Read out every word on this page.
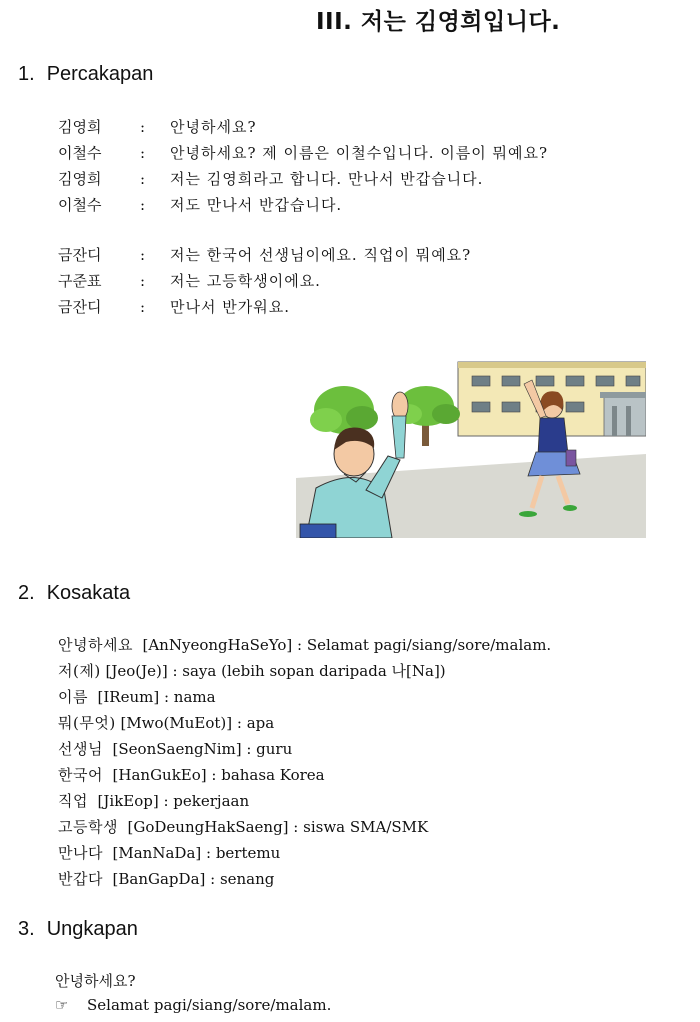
III. 저는 김영희입니다.
1. Percakapan
김영희	:	안녕하세요?
이철수	:	안녕하세요? 제 이름은 이철수입니다. 이름이 뭐예요?
김영희	:	저는 김영희라고 합니다. 만나서 반갑습니다.
이철수	:	저도 만나서 반갑습니다.
금잔디	:	저는 한국어 선생님이에요. 직업이 뭐예요?
구준표	:	저는 고등학생이에요.
금잔디	:	만나서 반가워요.
2. Kosakata
안녕하세요 [AnNyeongHaSeYo] : Selamat pagi/siang/sore/malam.
저(제) [Jeo(Je)] : saya (lebih sopan daripada 나[Na])
이름 [IReum] : nama
뭐(무엇) [Mwo(MuEot)] : apa
선생님 [SeonSaengNim] : guru
한국어 [HanGukEo] : bahasa Korea
직업 [JikEop] : pekerjaan
고등학생 [GoDeungHakSaeng] : siswa SMA/SMK
만나다 [ManNaDa] : bertemu
반갑다 [BanGapDa] : senang
3. Ungkapan
안녕하세요?
☞ Selamat pagi/siang/sore/malam.
